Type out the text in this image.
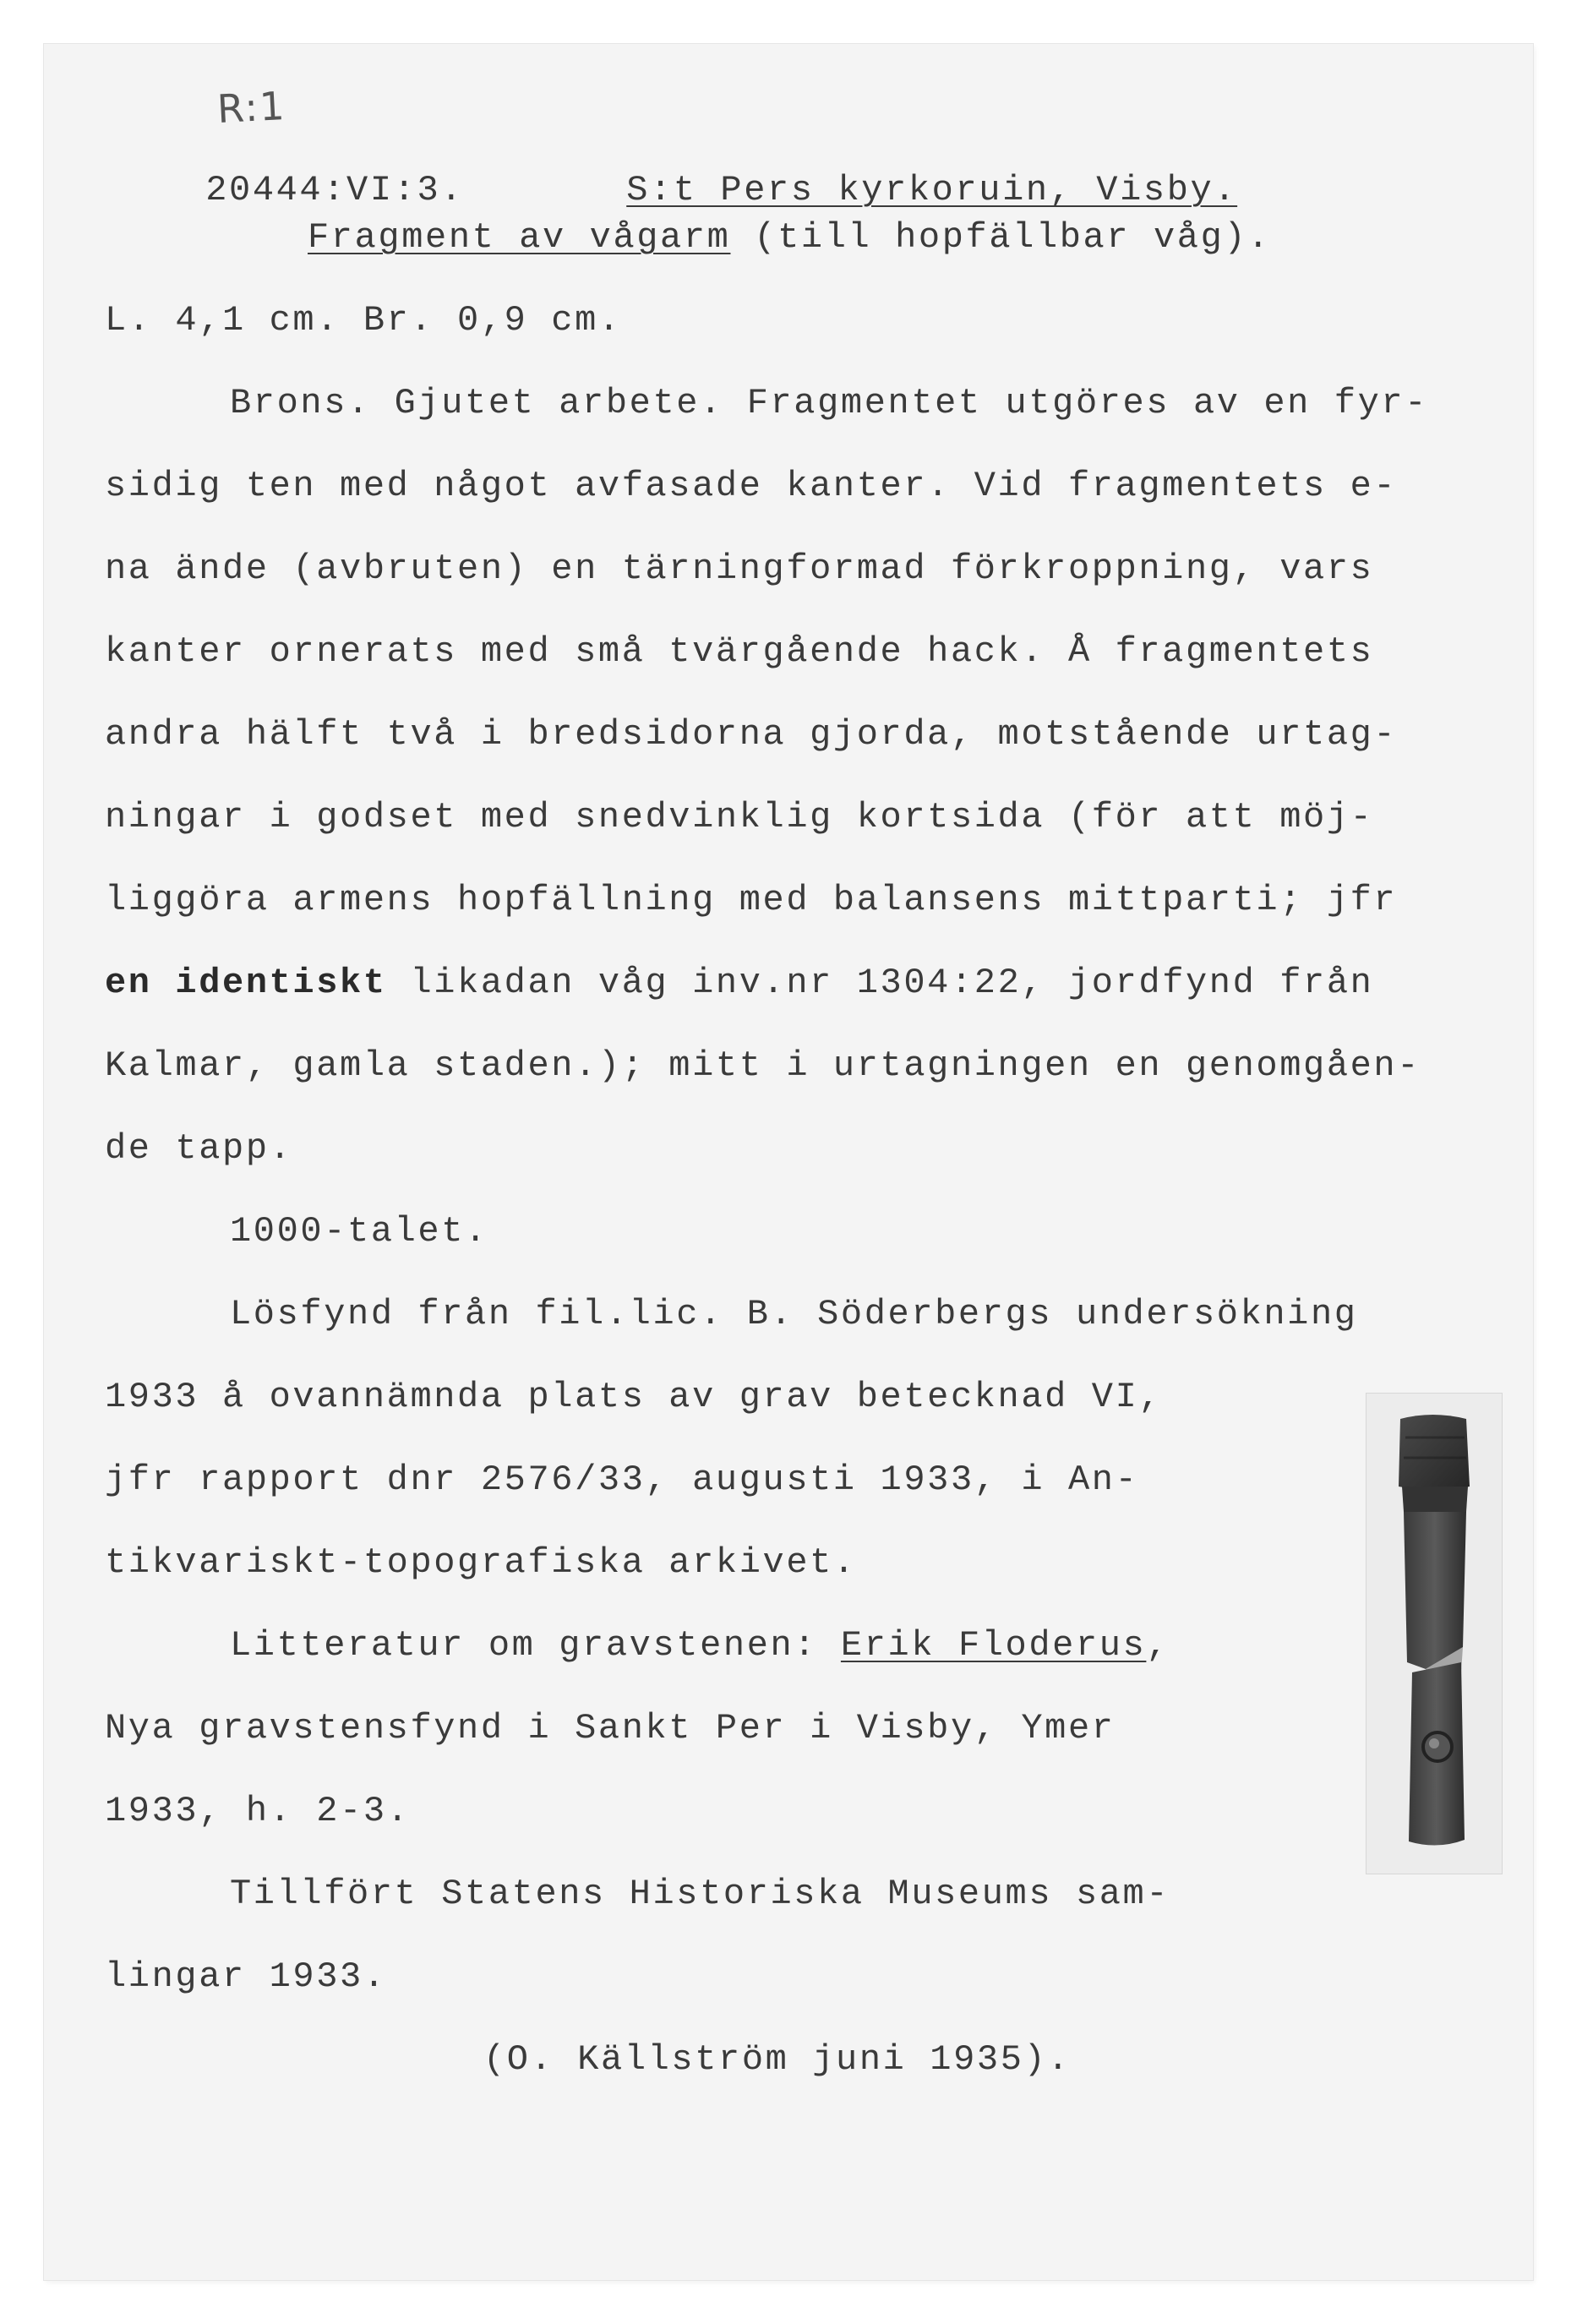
R:1

20444:VI:3.
	S:t Pers kyrkoruin, Visby.

Fragment av vågarm (till hopfällbar våg).
L. 4,1 cm. Br. 0,9 cm.
Brons. Gjutet arbete. Fragmentet utgöres av en fyr-
sidig ten med något avfasade kanter. Vid fragmentets e-
na ände (avbruten) en tärningformad förkroppning, vars
kanter ornerats med små tvärgående hack. Å fragmentets
andra hälft två i bredsidorna gjorda, motstående urtag-
ningar i godset med snedvinklig kortsida (för att möj-
liggöra armens hopfällning med balansens mittparti; jfr
en identiskt likadan våg inv.nr 1304:22, jordfynd från
Kalmar, gamla staden.); mitt i urtagningen en genomgåen-
de tapp.
1000-talet.
Lösfynd från fil.lic. B. Söderbergs undersökning
1933 å ovannämnda plats av grav betecknad VI,
jfr rapport dnr 2576/33, augusti 1933, i An-
tikvariskt-topografiska arkivet.
Litteratur om gravstenen: Erik Floderus,
Nya gravstensfynd i Sankt Per i Visby, Ymer
1933, h. 2-3.
Tillfört Statens Historiska Museums sam-
lingar 1933.
(O. Källström juni 1935).
